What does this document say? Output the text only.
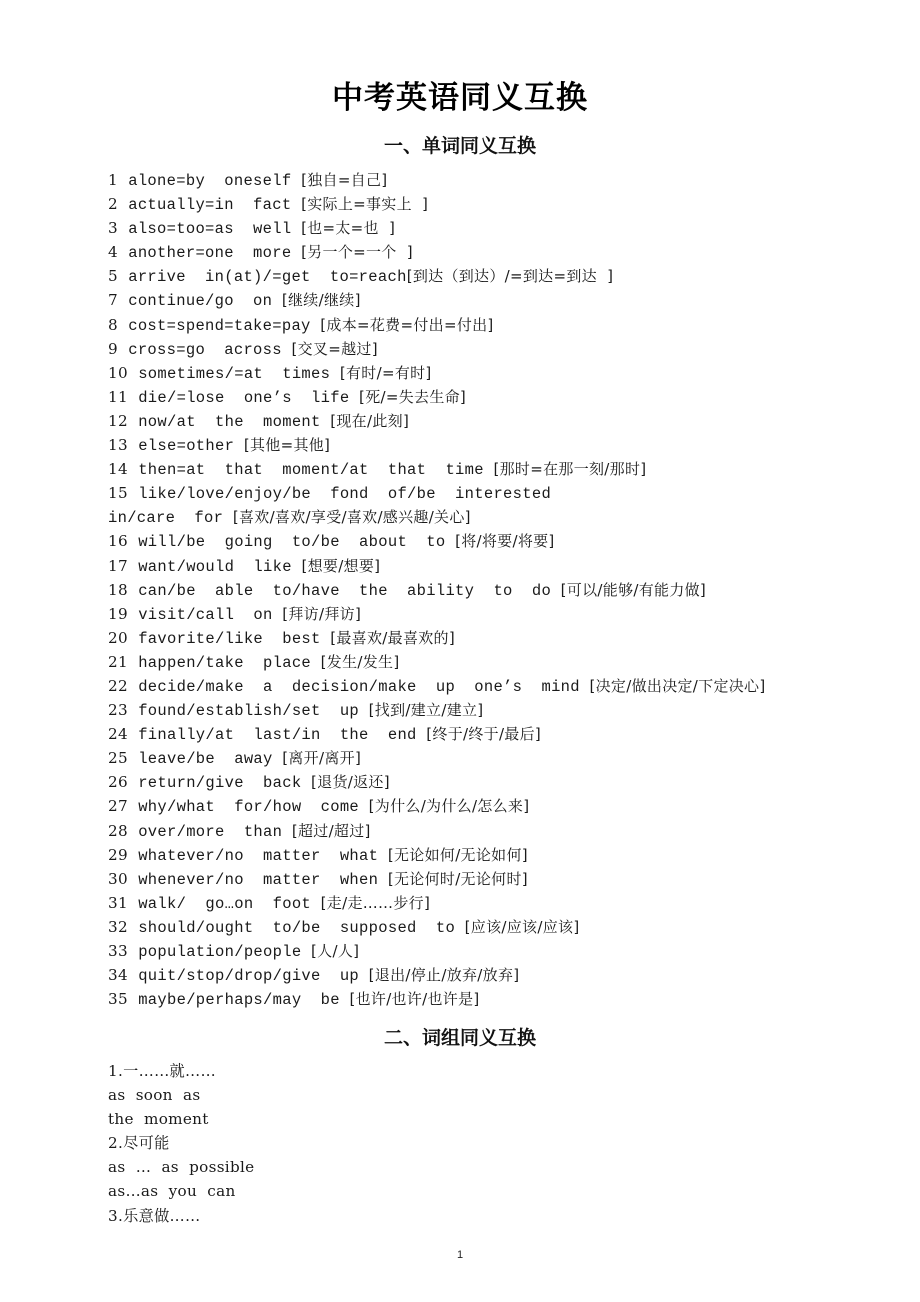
中考英语同义互换
一、单词同义互换
1 alone=by  oneself [独自=自己]
2 actually=in  fact [实际上=事实上  ]
3 also=too=as  well [也=太=也  ]
4 another=one  more [另一个=一个  ]
5 arrive  in(at)/=get  to=reach[到达（到达）/=到达=到达  ]
7 continue/go  on [继续/继续]
8 cost=spend=take=pay [成本=花费=付出=付出]
9 cross=go  across [交叉=越过]
10 sometimes/=at  times [有时/=有时]
11 die/=lose  one’s  life [死/=失去生命]
12 now/at  the  moment [现在/此刻]
13 else=other [其他=其他]
14 then=at  that  moment/at  that  time [那时=在那一刻/那时]
15 like/love/enjoy/be  fond  of/be  interested
in/care  for [喜欢/喜欢/享受/喜欢/感兴趣/关心]
16 will/be  going  to/be  about  to [将/将要/将要]
17 want/would  like [想要/想要]
18 can/be  able  to/have  the  ability  to  do [可以/能够/有能力做]
19 visit/call  on [拜访/拜访]
20 favorite/like  best [最喜欢/最喜欢的]
21 happen/take  place [发生/发生]
22 decide/make  a  decision/make  up  one’s  mind [决定/做出决定/下定决心]
23 found/establish/set  up [找到/建立/建立]
24 finally/at  last/in  the  end [终于/终于/最后]
25 leave/be  away [离开/离开]
26 return/give  back [退货/返还]
27 why/what  for/how  come [为什么/为什么/怎么来]
28 over/more  than [超过/超过]
29 whatever/no  matter  what [无论如何/无论如何]
30 whenever/no  matter  when [无论何时/无论何时]
31 walk/  go…on  foot [走/走……步行]
32 should/ought  to/be  supposed  to [应该/应该/应该]
33 population/people [人/人]
34 quit/stop/drop/give  up [退出/停止/放弃/放弃]
35 maybe/perhaps/may  be [也许/也许/也许是]
二、词组同义互换
1.一……就……
as  soon  as
the  moment
2.尽可能
as  …  as  possible
as…as  you  can
3.乐意做……
1
